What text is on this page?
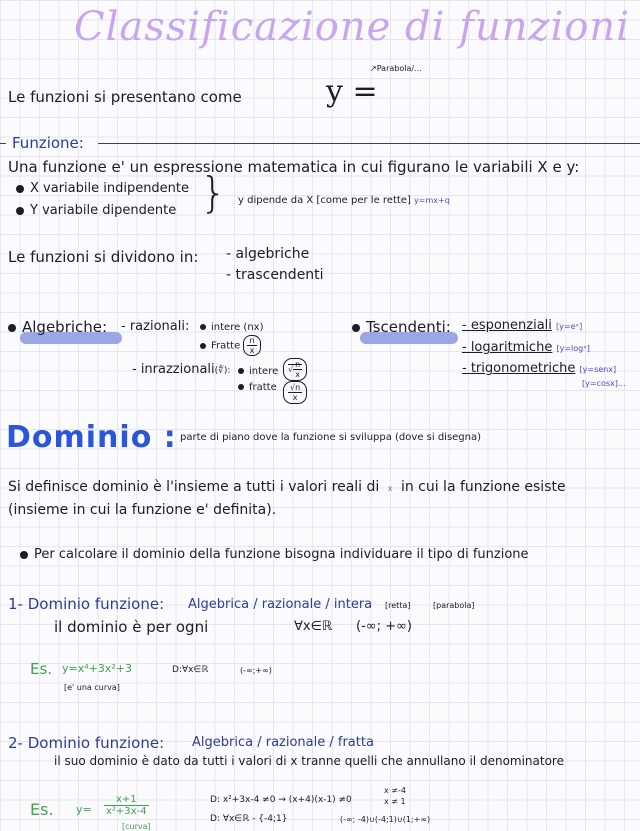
Classificazione di funzioni
Le funzioni si presentano come	y =
↗Parabola/...
Funzione:
Una funzione e' un espressione matematica in cui figurano le variabili X e y:
X variabile indipendente
Y variabile dipendente } y dipende da X [come per le rette] y=mx+q
Le funzioni si dividono in: - algebriche
- trascendenti
Algebriche: - razionali:	intere (nx)
Fratte $\frac{n}{x}$
- inrazzionali(∜):	intere
fratte
√ $\frac{n}{x}$
$\frac{√n}{x}$
Tscendenti: - esponenziali [y=eˣ]
- logaritmiche [y=logˣ]
- trigonometriche [y=senx]
[y=cosx]...
Dominio : parte di piano dove la funzione si sviluppa (dove si disegna)
Si definisce dominio è l'insieme a tutti i valori reali di x in cui la funzione esiste
(insieme in cui la funzione e' definita).
Per calcolare il dominio della funzione bisogna individuare il tipo di funzione
1- Dominio funzione: Algebrica / razionale / intera [retta]	[parabola]
il dominio è per ogni	∀x∈ℝ (-∞; +∞)
Es. y=x⁴+3x²+3	D:∀x∈ℝ	(-∞;+∞)
[e' una curva]
2- Dominio funzione: Algebrica / razionale / fratta
il suo dominio è dato da tutti i valori di x tranne quelli che annullano il denominatore
Es. $y= \frac{x+1}{\text{x²+3x-4}}$
[curva]
D: x²+3x-4 ≠0 → (x+4)(x-1) ≠0
x ≠-4
x ≠ 1
D: ∀x∈ℝ - {-4;1}	(-∞; -4)∪(-4;1)∪(1;+∞)
